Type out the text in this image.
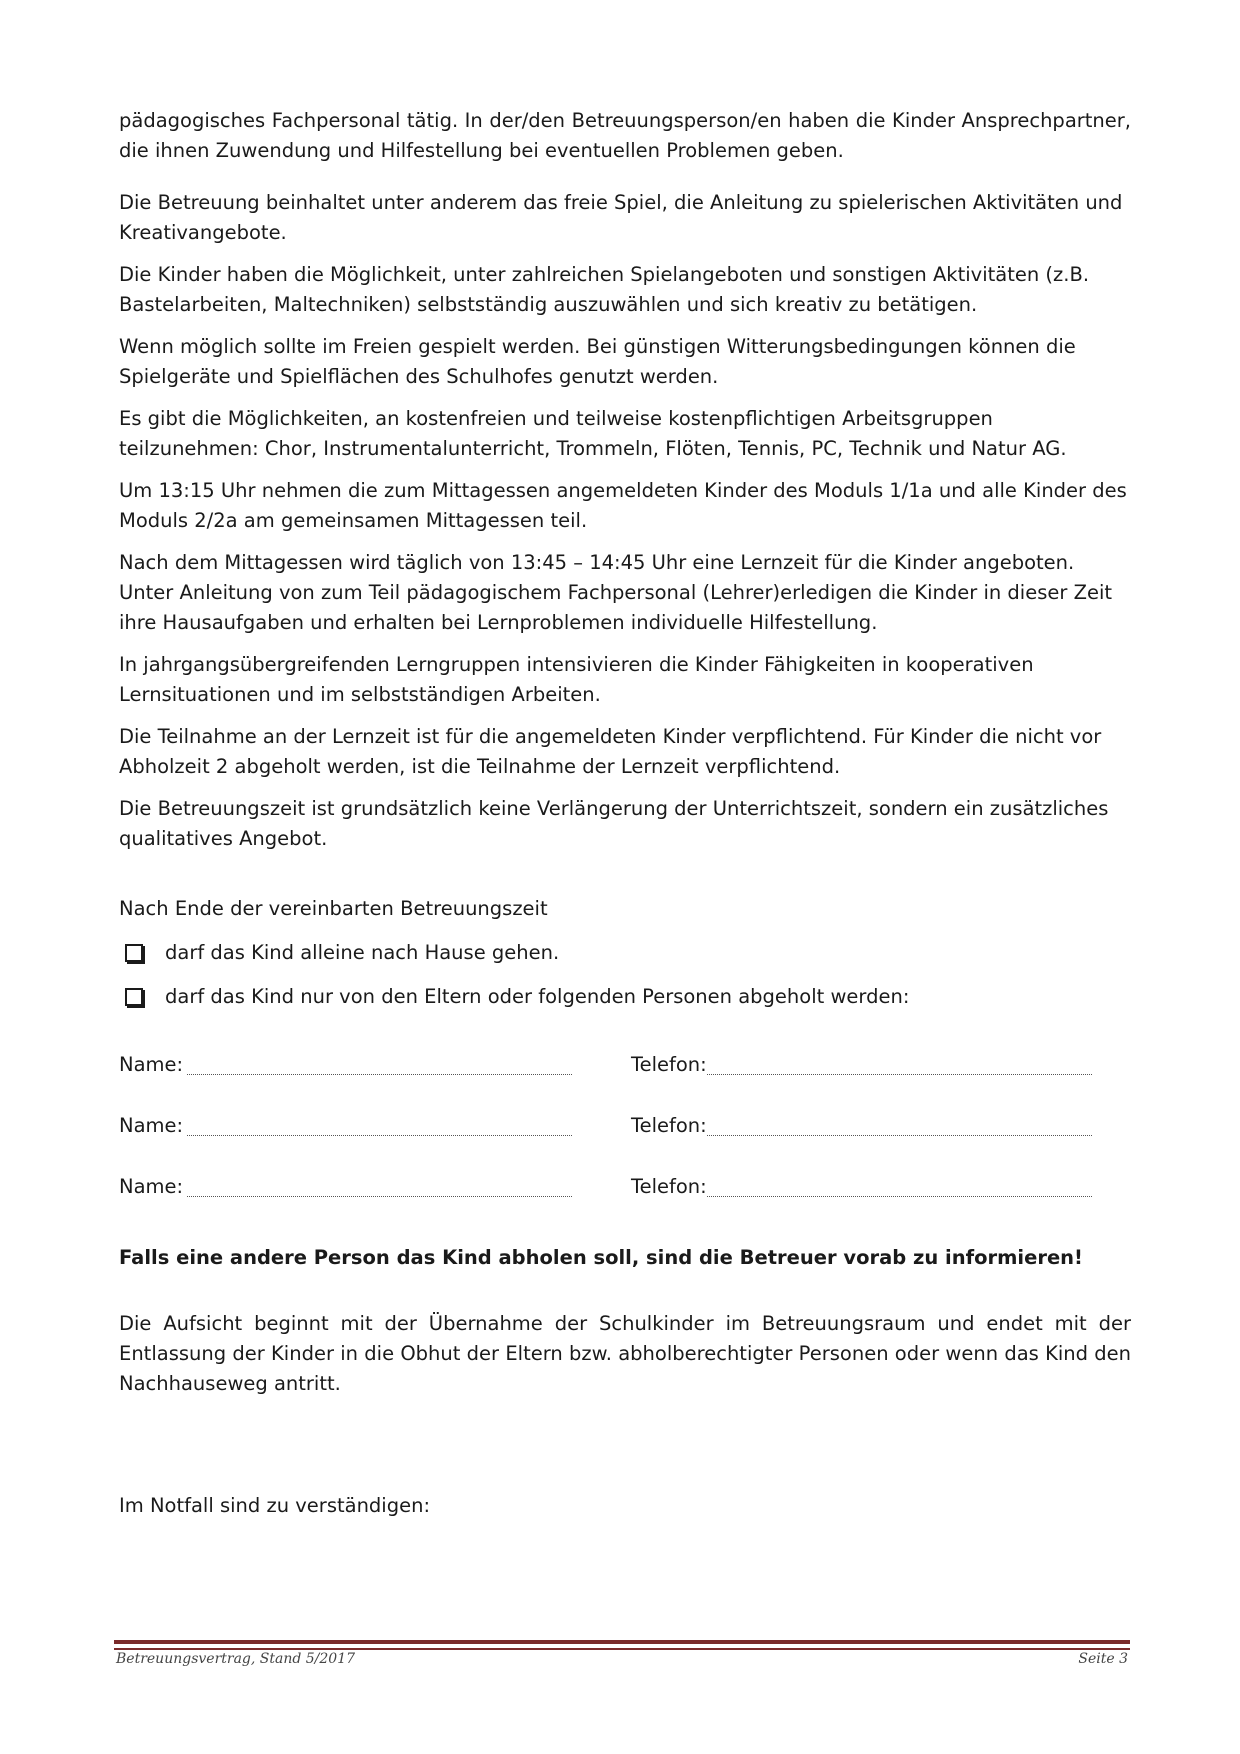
pädagogisches Fachpersonal tätig. In der/den Betreuungsperson/en haben die Kinder Ansprechpartner, die ihnen Zuwendung und Hilfestellung bei eventuellen Problemen geben.

Die Betreuung beinhaltet unter anderem das freie Spiel, die Anleitung zu spielerischen Aktivitäten und Kreativangebote.

Die Kinder haben die Möglichkeit, unter zahlreichen Spielangeboten und sonstigen Aktivitäten (z.B. Bastelarbeiten, Maltechniken) selbstständig auszuwählen und sich kreativ zu betätigen.

Wenn möglich sollte im Freien gespielt werden. Bei günstigen Witterungsbedingungen können die Spielgeräte und Spielflächen des Schulhofes genutzt werden.

Es gibt die Möglichkeiten, an kostenfreien und teilweise kostenpflichtigen Arbeitsgruppen teilzunehmen: Chor, Instrumentalunterricht, Trommeln, Flöten, Tennis, PC, Technik und Natur AG.

Um 13:15 Uhr nehmen die zum Mittagessen angemeldeten Kinder des Moduls 1/1a und alle Kinder des Moduls 2/2a am gemeinsamen Mittagessen teil.

Nach dem Mittagessen wird täglich von 13:45 – 14:45 Uhr eine Lernzeit für die Kinder angeboten. Unter Anleitung von zum Teil pädagogischem Fachpersonal (Lehrer)erledigen die Kinder in dieser Zeit ihre Hausaufgaben und erhalten bei Lernproblemen individuelle Hilfestellung.

In jahrgangsübergreifenden Lerngruppen intensivieren die Kinder Fähigkeiten in kooperativen Lernsituationen und im selbstständigen Arbeiten.

Die Teilnahme an der Lernzeit ist für die angemeldeten Kinder verpflichtend. Für Kinder die nicht vor Abholzeit 2 abgeholt werden, ist die Teilnahme der Lernzeit verpflichtend.

Die Betreuungszeit ist grundsätzlich keine Verlängerung der Unterrichtszeit, sondern ein zusätzliches qualitatives Angebot.

Nach Ende der vereinbarten Betreuungszeit
darf das Kind alleine nach Hause gehen.
darf das Kind nur von den Eltern oder folgenden Personen abgeholt werden:
Name:	Telefon:
Name:	Telefon:
Name:	Telefon:
Falls eine andere Person das Kind abholen soll, sind die Betreuer vorab zu informieren!

Die Aufsicht beginnt mit der Übernahme der Schulkinder im Betreuungsraum und endet mit der Entlassung der Kinder in die Obhut der Eltern bzw. abholberechtigter Personen oder wenn das Kind den Nachhauseweg antritt.

Im Notfall sind zu verständigen:
Betreuungsvertrag, Stand 5/2017	Seite 3
